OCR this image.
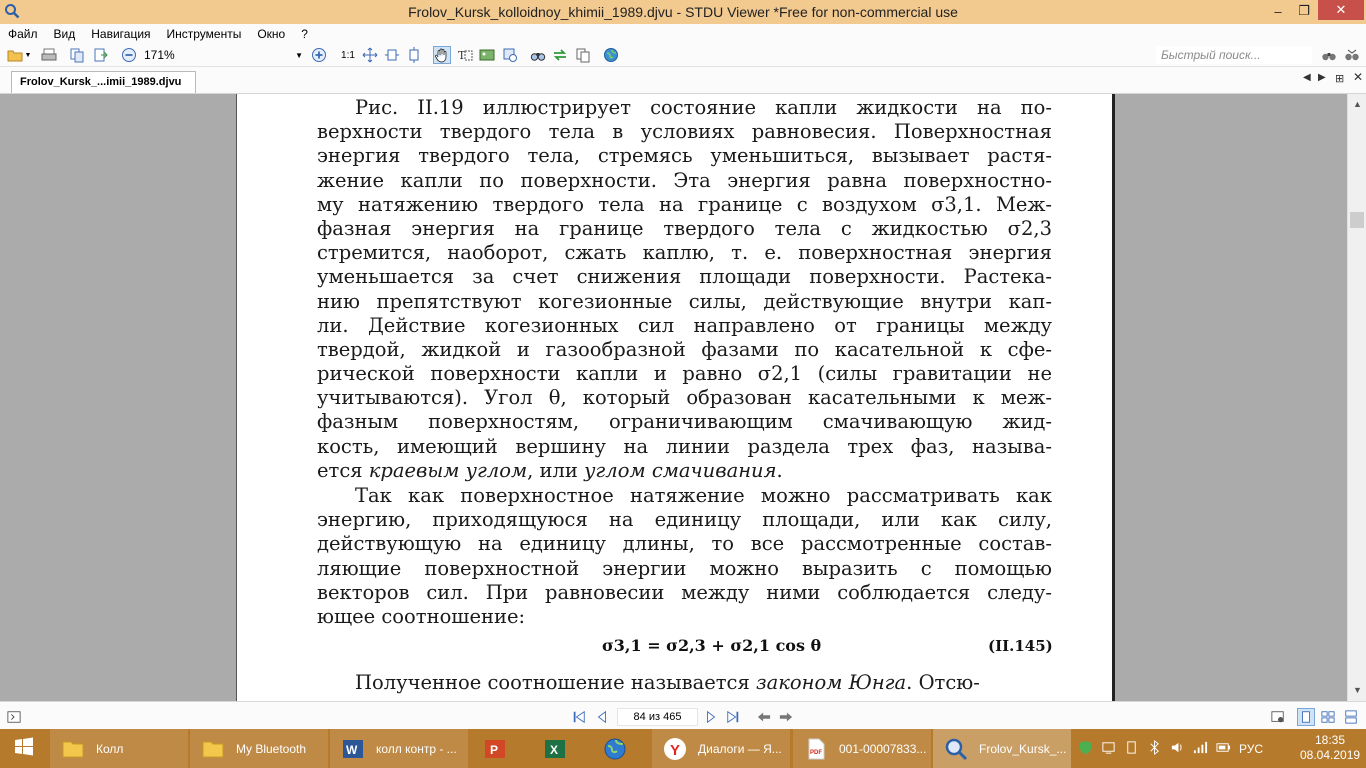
Frolov_Kursk_kolloidnoy_khimii_1989.djvu - STDU Viewer *Free for non-commercial use	–	❐	✕
Файл Вид Навигация Инструменты Окно ?
▼	171%	▼	1:1	T	Быстрый поиск...
Frolov_Kursk_...imii_1989.djvu	◀ ▶ ⊞ ✕
Рис. II.19 иллюстрирует состояние капли жидкости на по-
верхности твердого тела в условиях равновесия. Поверхностная
энергия твердого тела, стремясь уменьшиться, вызывает растя-
жение капли по поверхности. Эта энергия равна поверхностно-
му натяжению твердого тела на границе с воздухом σ3,1. Меж-
фазная энергия на границе твердого тела с жидкостью σ2,3
стремится, наоборот, сжать каплю, т. е. поверхностная энергия
уменьшается за счет снижения площади поверхности. Растека-
нию препятствуют когезионные силы, действующие внутри кап-
ли. Действие когезионных сил направлено от границы между
твердой, жидкой и газообразной фазами по касательной к сфе-
рической поверхности капли и равно σ2,1 (силы гравитации не
учитываются). Угол θ, который образован касательными к меж-
фазным поверхностям, ограничивающим смачивающую жид-
кость, имеющий вершину на линии раздела трех фаз, называ-
ется краевым углом, или углом смачивания.
Так как поверхностное натяжение можно рассматривать как
энергию, приходящуюся на единицу площади, или как силу,
действующую на единицу длины, то все рассмотренные состав-
ляющие поверхностной энергии можно выразить с помощью
векторов сил. При равновесии между ними соблюдается следу-
ющее соотношение:
σ3,1 = σ2,3 + σ2,1 cos θ	(II.145)
Полученное соотношение называется законом Юнга. Отсю-
▲
▼
84 из 465
Колл	My Bluetooth	W колл контр - ...	P	X	Y Диалоги — Я...	PDF 001-00007833...	Frolov_Kursk_...	РУС
18:35
08.04.2019
